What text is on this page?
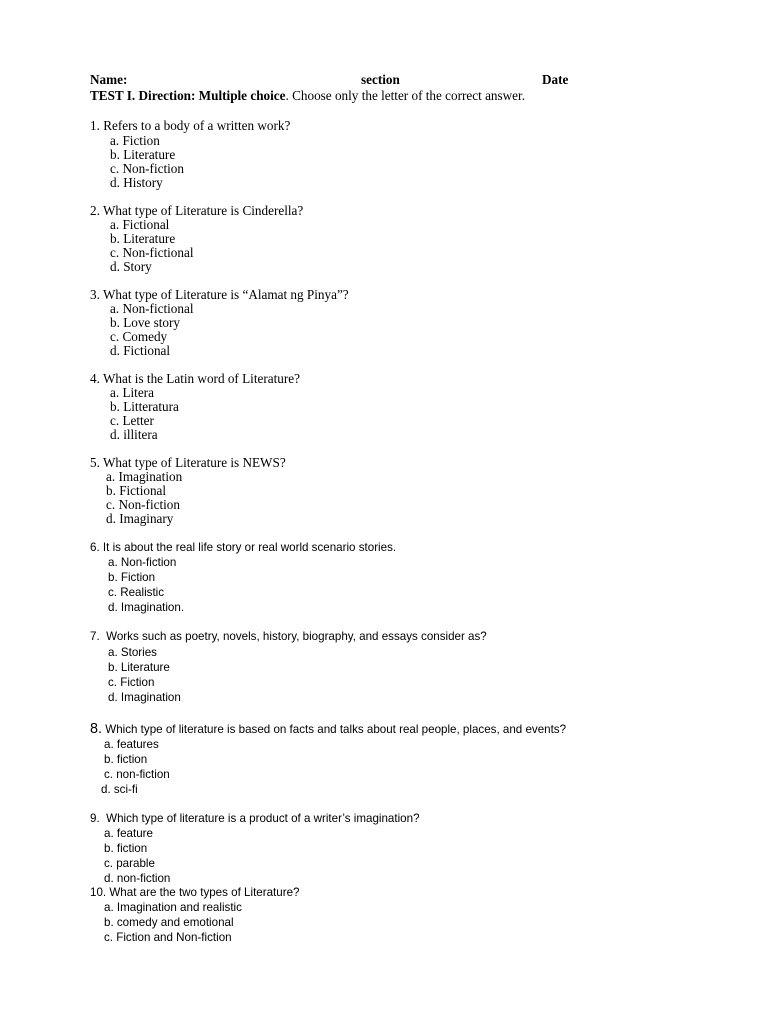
Name:	section	Date
TEST I. Direction: Multiple choice. Choose only the letter of the correct answer.
1. Refers to a body of a written work?
a. Fiction
b. Literature
c. Non-fiction
d. History
2. What type of Literature is Cinderella?
a. Fictional
b. Literature
c. Non-fictional
d. Story
3. What type of Literature is “Alamat ng Pinya”?
a. Non-fictional
b. Love story
c. Comedy
d. Fictional
4. What is the Latin word of Literature?
a. Litera
b. Litteratura
c. Letter
d. illitera
5. What type of Literature is NEWS?
a. Imagination
b. Fictional
c. Non-fiction
d. Imaginary
6. It is about the real life story or real world scenario stories.
a. Non-fiction
b. Fiction
c. Realistic
d. Imagination.
7. Works such as poetry, novels, history, biography, and essays consider as?
a. Stories
b. Literature
c. Fiction
d. Imagination
8. Which type of literature is based on facts and talks about real people, places, and events?
a. features
b. fiction
c. non-fiction
d. sci-fi
9. Which type of literature is a product of a writer’s imagination?
a. feature
b. fiction
c. parable
d. non-fiction
10. What are the two types of Literature?
a. Imagination and realistic
b. comedy and emotional
c. Fiction and Non-fiction
